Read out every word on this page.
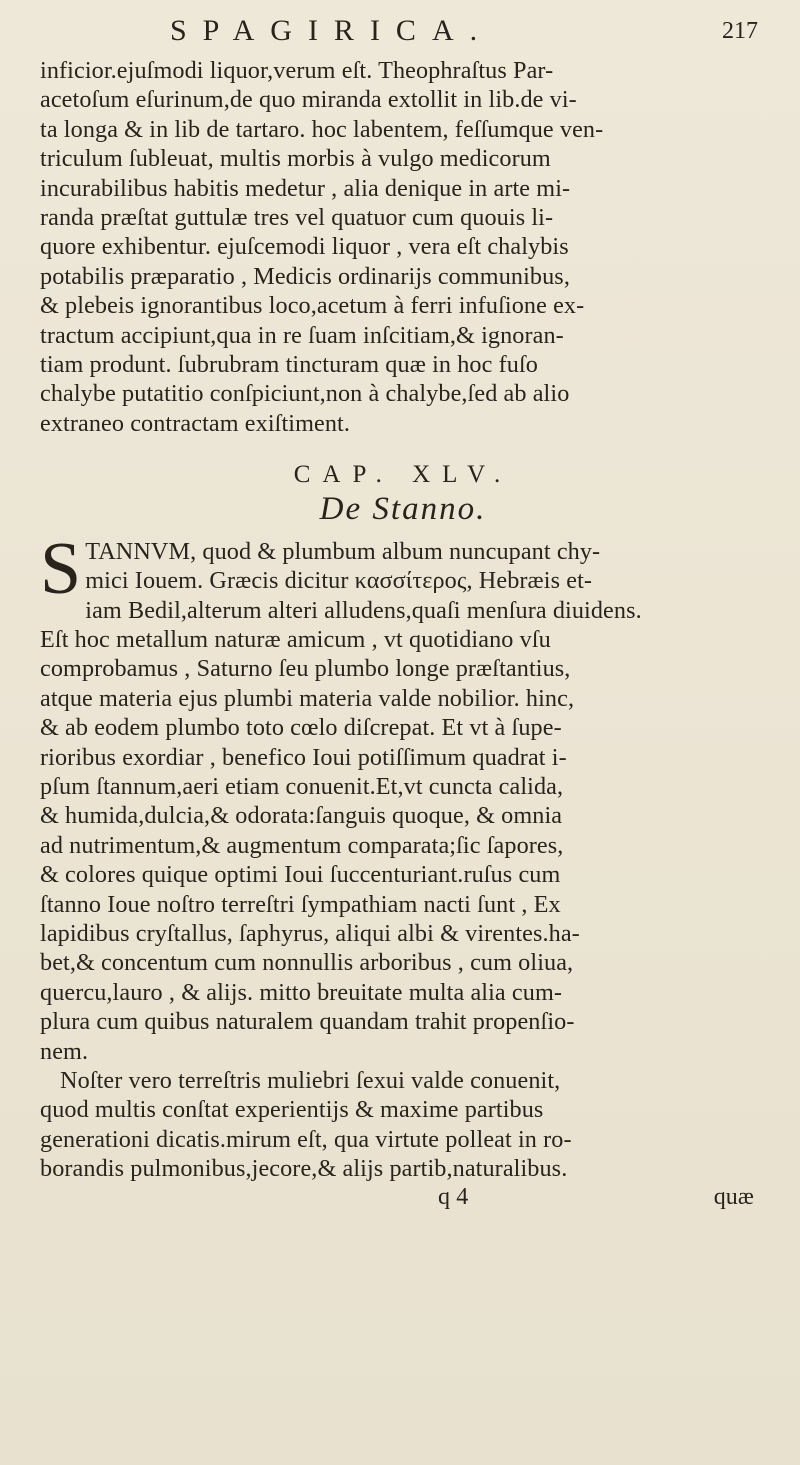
SPAGIRICA.	217
inficior.ejuſmodi liquor,verum eſt. Theophraſtus Par-
acetoſum eſurinum,de quo miranda extollit in lib.de vi-
ta longa & in lib de tartaro. hoc labentem, feſſumque ven-
triculum ſubleuat, multis morbis à vulgo medicorum
incurabilibus habitis medetur , alia denique in arte mi-
randa præſtat guttulæ tres vel quatuor cum quouis li-
quore exhibentur. ejuſcemodi liquor , vera eſt chalybis
potabilis præparatio , Medicis ordinarijs communibus,
& plebeis ignorantibus loco,acetum à ferri infuſione ex-
tractum accipiunt,qua in re ſuam inſcitiam,& ignoran-
tiam produnt. ſubrubram tincturam quæ in hoc fuſo
chalybe putatitio conſpiciunt,non à chalybe,ſed ab alio
extraneo contractam exiſtiment.
CAP. XLV.
De Stanno.
S TANNVM, quod & plumbum album nuncupant chy-
mici Iouem. Græcis dicitur κασσίτερος, Hebræis et-
iam Bedil,alterum alteri alludens,quaſi menſura diuidens.
Eſt hoc metallum naturæ amicum , vt quotidiano vſu
comprobamus , Saturno ſeu plumbo longe præſtantius,
atque materia ejus plumbi materia valde nobilior. hinc,
& ab eodem plumbo toto cœlo diſcrepat. Et vt à ſupe-
rioribus exordiar , benefico Ioui potiſſimum quadrat i-
pſum ſtannum,aeri etiam conuenit.Et,vt cuncta calida,
& humida,dulcia,& odorata:ſanguis quoque, & omnia
ad nutrimentum,& augmentum comparata;ſic ſapores,
& colores quique optimi Ioui ſuccenturiant.ruſus cum
ſtanno Ioue noſtro terreſtri ſympathiam nacti ſunt , Ex
lapidibus cryſtallus, ſaphyrus, aliqui albi & virentes.ha-
bet,& concentum cum nonnullis arboribus , cum oliua,
quercu,lauro , & alijs. mitto breuitate multa alia cum-
plura cum quibus naturalem quandam trahit propenſio-
nem.
Noſter vero terreſtris muliebri ſexui valde conuenit,
quod multis conſtat experientijs & maxime partibus
generationi dicatis.mirum eſt, qua virtute polleat in ro-
borandis pulmonibus,jecore,& alijs partib,naturalibus.
q 4	quæ
